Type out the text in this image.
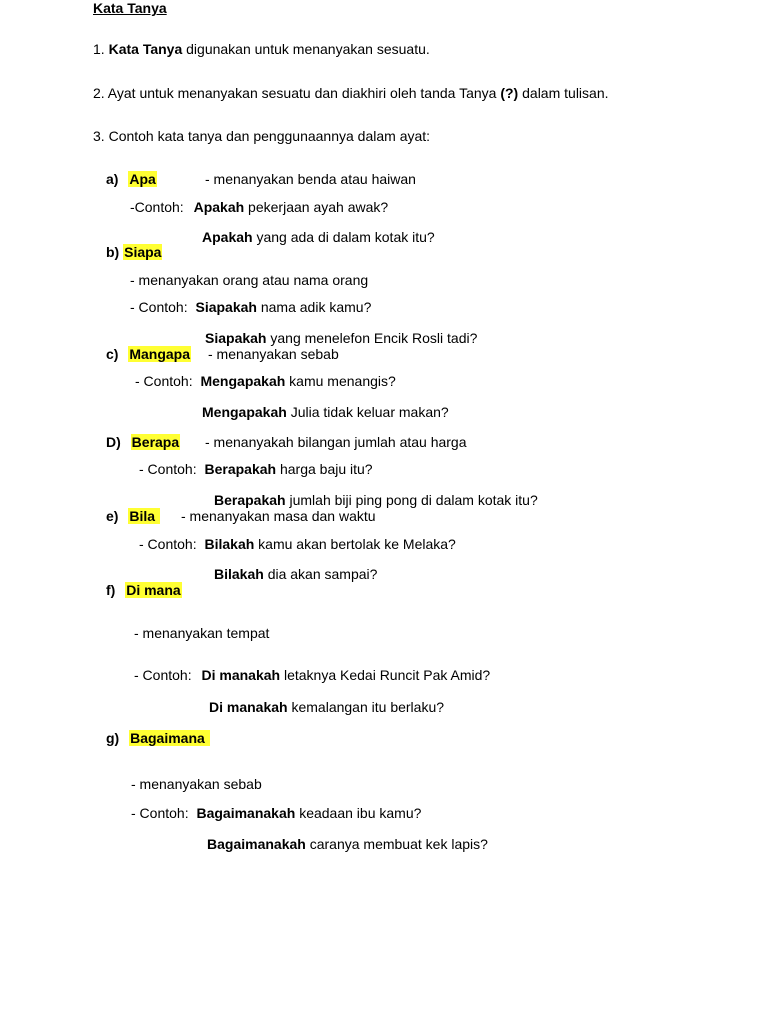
Kata Tanya
1. Kata Tanya digunakan untuk menanyakan sesuatu.
2. Ayat untuk menanyakan sesuatu dan diakhiri oleh tanda Tanya (?) dalam tulisan.
3. Contoh kata tanya dan penggunaannya dalam ayat:
a) Apa	- menanyakan benda atau haiwan
-Contoh: Apakah pekerjaan ayah awak?
Apakah yang ada di dalam kotak itu?
b) Siapa
- menanyakan orang atau nama orang
- Contoh: Siapakah nama adik kamu?
Siapakah yang menelefon Encik Rosli tadi?
c) Mangapa - menanyakan sebab
- Contoh: Mengapakah kamu menangis?
Mengapakah Julia tidak keluar makan?
D) Berapa - menanyakah bilangan jumlah atau harga
- Contoh: Berapakah harga baju itu?
Berapakah jumlah biji ping pong di dalam kotak itu?
e) Bila	- menanyakan masa dan waktu
- Contoh: Bilakah kamu akan bertolak ke Melaka?
Bilakah dia akan sampai?
f) Di mana
- menanyakan tempat
- Contoh: Di manakah letaknya Kedai Runcit Pak Amid?
Di manakah kemalangan itu berlaku?
g) Bagaimana
- menanyakan sebab
- Contoh: Bagaimanakah keadaan ibu kamu?
Bagaimanakah caranya membuat kek lapis?
